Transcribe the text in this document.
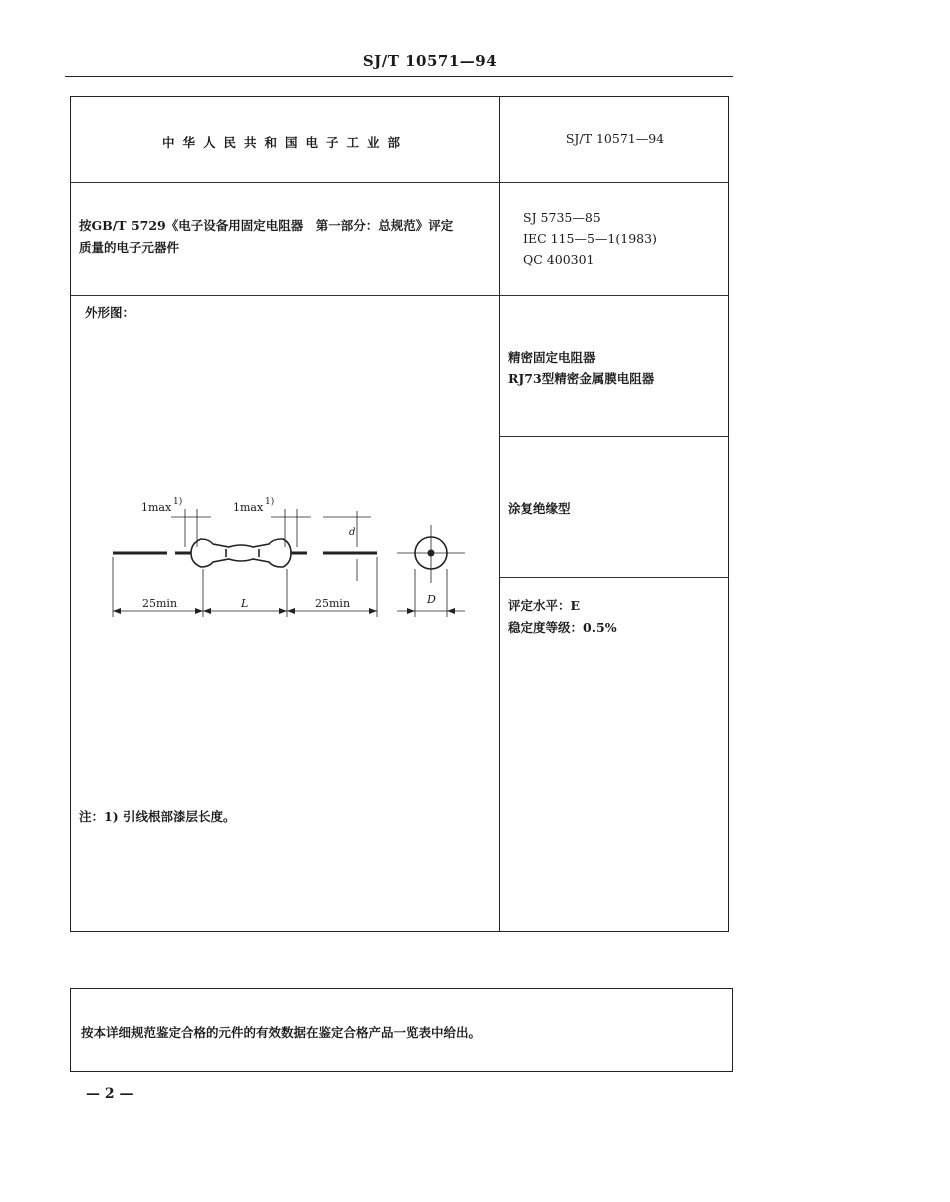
SJ/T 10571—94
中华人民共和国电子工业部	SJ/T 10571—94
按GB/T 5729《电子设备用固定电阻器　第一部分：总规范》评定
质量的电子元器件
SJ 5735—85
IEC 115—5—1(1983)
QC 400301
外形图：
精密固定电阻器
RJ73型精密金属膜电阻器
涂复绝缘型
评定水平：E
稳定度等级：0.5%
1max 1)	1max 1)
25min	L	25min
d
D
注：1) 引线根部漆层长度。
按本详细规范鉴定合格的元件的有效数据在鉴定合格产品一览表中给出。
— 2 —
